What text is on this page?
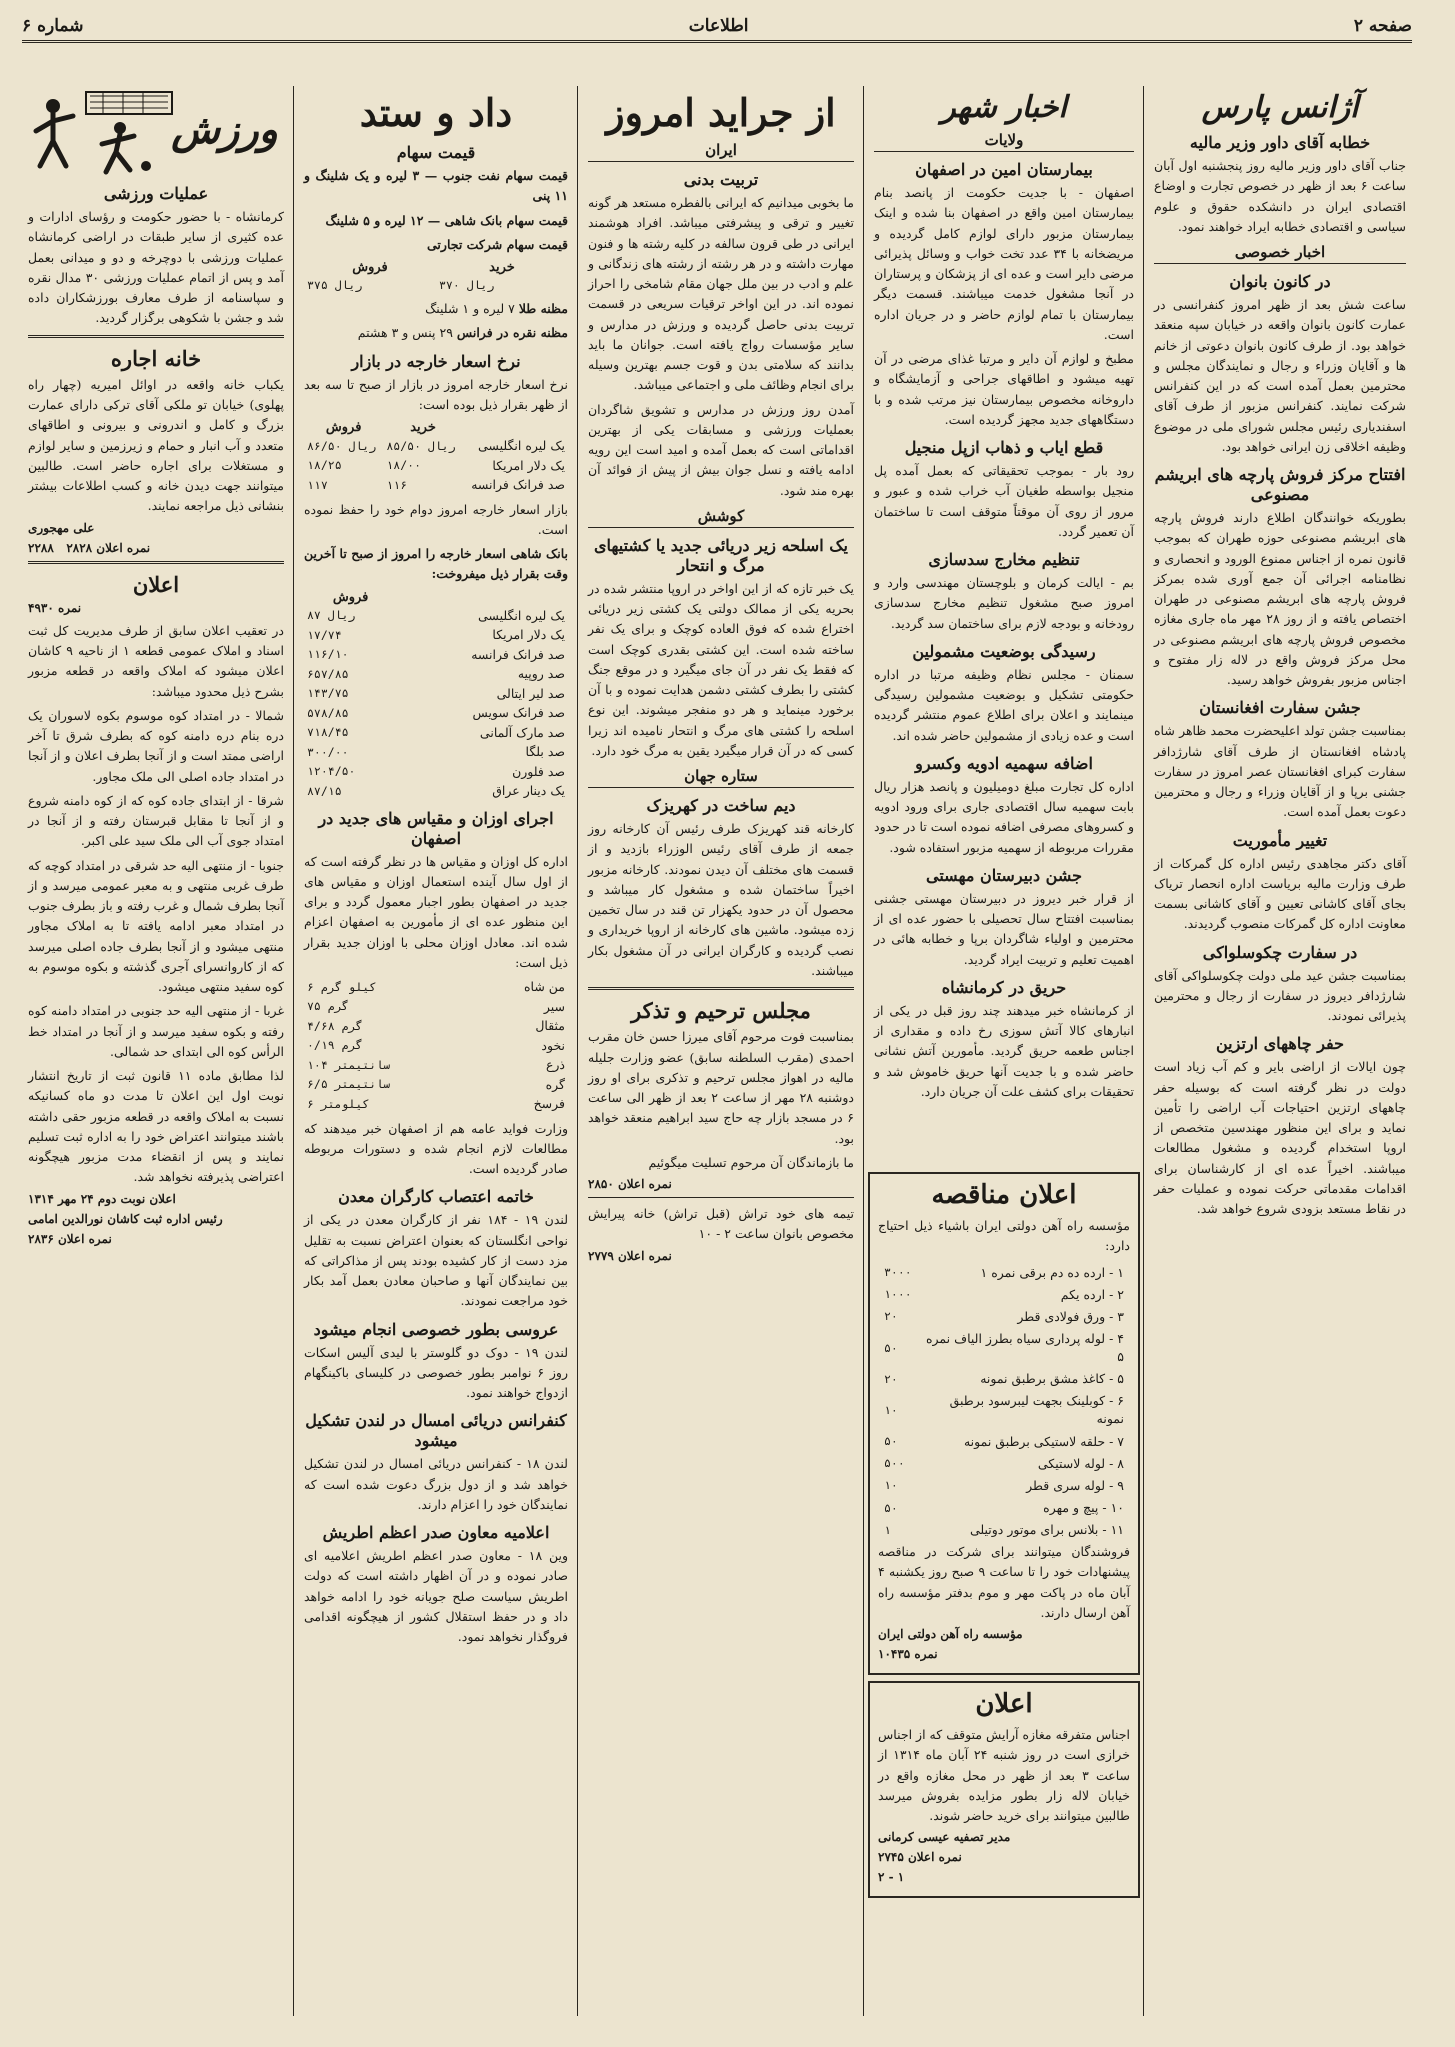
صفحه ۲
اطلاعات
شماره ۶
آژانس پارس
خطابه آقای داور وزیر مالیه

جناب آقای داور وزیر مالیه روز پنجشنبه اول آبان ساعت ۶ بعد از ظهر در خصوص تجارت و اوضاع اقتصادی ایران در دانشکده حقوق و علوم سیاسی و اقتصادی خطابه ایراد خواهند نمود.

اخبار خصوصی
در کانون بانوان

ساعت شش بعد از ظهر امروز کنفرانسی در عمارت کانون بانوان واقعه در خیابان سپه منعقد خواهد بود. از طرف کانون بانوان دعوتی از خانم ها و آقایان وزراء و رجال و نمایندگان مجلس و محترمین بعمل آمده است که در این کنفرانس شرکت نمایند. کنفرانس مزبور از طرف آقای اسفندیاری رئیس مجلس شورای ملی در موضوع وظیفه اخلاقی زن ایرانی خواهد بود.

افتتاح مرکز فروش پارچه های ابریشم مصنوعی

بطوریکه خوانندگان اطلاع دارند فروش پارچه های ابریشم مصنوعی حوزه طهران که بموجب قانون نمره از اجناس ممنوع الورود و انحصاری و نظامنامه اجرائی آن جمع آوری شده بمرکز فروش پارچه های ابریشم مصنوعی در طهران اختصاص یافته و از روز ۲۸ مهر ماه جاری مغازه مخصوص فروش پارچه های ابریشم مصنوعی در محل مرکز فروش واقع در لاله زار مفتوح و اجناس مزبور بفروش خواهد رسید.

جشن سفارت افغانستان

بمناسبت جشن تولد اعلیحضرت محمد ظاهر شاه پادشاه افغانستان از طرف آقای شارژدافر سفارت کبرای افغانستان عصر امروز در سفارت جشنی برپا و از آقایان وزراء و رجال و محترمین دعوت بعمل آمده است.

تغییر مأموریت

آقای دکتر مجاهدی رئیس اداره کل گمرکات از طرف وزارت مالیه بریاست اداره انحصار تریاک بجای آقای کاشانی تعیین و آقای کاشانی بسمت معاونت اداره کل گمرکات منصوب گردیدند.

در سفارت چکوسلواکی

بمناسبت جشن عید ملی دولت چکوسلواکی آقای شارژدافر دیروز در سفارت از رجال و محترمین پذیرائی نمودند.

حفر چاههای ارتزین

چون ایالات از اراضی بایر و کم آب زیاد است دولت در نظر گرفته است که بوسیله حفر چاههای ارتزین احتیاجات آب اراضی را تأمین نماید و برای این منظور مهندسین متخصص از اروپا استخدام گردیده و مشغول مطالعات میباشند. اخیراً عده ای از کارشناسان برای اقدامات مقدماتی حرکت نموده و عملیات حفر در نقاط مستعد بزودی شروع خواهد شد.

اخبار شهر
ولایات
بیمارستان امین در اصفهان

اصفهان - با جدیت حکومت از پانصد بنام بیمارستان امین واقع در اصفهان بنا شده و اینک بیمارستان مزبور دارای لوازم کامل گردیده و مریضخانه با ۳۴ عدد تخت خواب و وسائل پذیرائی مرضی دایر است و عده ای از پزشکان و پرستاران در آنجا مشغول خدمت میباشند. قسمت دیگر بیمارستان با تمام لوازم حاضر و در جریان اداره است.

مطبخ و لوازم آن دایر و مرتبا غذای مرضی در آن تهیه میشود و اطاقهای جراحی و آزمایشگاه و داروخانه مخصوص بیمارستان نیز مرتب شده و با دستگاههای جدید مجهز گردیده است.

قطع ایاب و ذهاب ازپل منجیل

رود بار - بموجب تحقیقاتی که بعمل آمده پل منجیل بواسطه طغیان آب خراب شده و عبور و مرور از روی آن موقتاً متوقف است تا ساختمان آن تعمیر گردد.

تنظیم مخارج سدسازی

بم - ایالت کرمان و بلوچستان مهندسی وارد و امروز صبح مشغول تنظیم مخارج سدسازی رودخانه و بودجه لازم برای ساختمان سد گردید.

رسیدگی بوضعیت مشمولین

سمنان - مجلس نظام وظیفه مرتبا در اداره حکومتی تشکیل و بوضعیت مشمولین رسیدگی مینمایند و اعلان برای اطلاع عموم منتشر گردیده است و عده زیادی از مشمولین حاضر شده اند.

اضافه سهمیه ادویه وکسرو

اداره کل تجارت مبلغ دومیلیون و پانصد هزار ریال بابت سهمیه سال اقتصادی جاری برای ورود ادویه و کسروهای مصرفی اضافه نموده است تا در حدود مقررات مربوطه از سهمیه مزبور استفاده شود.

جشن دبیرستان مهستی

از قرار خبر دیروز در دبیرستان مهستی جشنی بمناسبت افتتاح سال تحصیلی با حضور عده ای از محترمین و اولیاء شاگردان برپا و خطابه هائی در اهمیت تعلیم و تربیت ایراد گردید.

حریق در کرمانشاه

از کرمانشاه خبر میدهند چند روز قبل در یکی از انبارهای کالا آتش سوزی رخ داده و مقداری از اجناس طعمه حریق گردید. مأمورین آتش نشانی حاضر شده و با جدیت آنها حریق خاموش شد و تحقیقات برای کشف علت آن جریان دارد.

اعلان مناقصه

مؤسسه راه آهن دولتی ایران باشیاء ذیل احتیاج دارد:

۱ - ارده ده دم برقی نمره ۱	۳۰۰۰
۲ - ارده یکم	۱۰۰۰
۳ - ورق فولادی قطر	۲۰
۴ - لوله پرداری سیاه بطرز الیاف نمره ۵	۵۰
۵ - کاغذ مشق برطبق نمونه	۲۰
۶ - کوبلینک بجهت لیبرسود برطبق نمونه	۱۰
۷ - حلقه لاستیکی برطبق نمونه	۵۰
۸ - لوله لاستیکی	۵۰۰
۹ - لوله سری قطر	۱۰
۱۰ - پیچ و مهره	۵۰
۱۱ - بلانس برای موتور دوتیلی	۱

فروشندگان میتوانند برای شرکت در مناقصه پیشنهادات خود را تا ساعت ۹ صبح روز یکشنبه ۴ آبان ماه در پاکت مهر و موم بدفتر مؤسسه راه آهن ارسال دارند.

مؤسسه راه آهن دولتی ایران
نمره ۱۰۴۳۵
اعلان

اجناس متفرقه مغازه آرایش متوقف که از اجناس خرازی است در روز شنبه ۲۴ آبان ماه ۱۳۱۴ از ساعت ۳ بعد از ظهر در محل مغازه واقع در خیابان لاله زار بطور مزایده بفروش میرسد طالبین میتوانند برای خرید حاضر شوند.

مدیر تصفیه عیسی کرمانی
نمره اعلان ۲۷۴۵
۱ - ۲
از جراید امروز
ایران
تربیت بدنی

ما بخوبی میدانیم که ایرانی بالفطره مستعد هر گونه تغییر و ترقی و پیشرفتی میباشد. افراد هوشمند ایرانی در طی قرون سالفه در کلیه رشته ها و فنون مهارت داشته و در هر رشته از رشته های زندگانی و علم و ادب در بین ملل جهان مقام شامخی را احراز نموده اند. در این اواخر ترقیات سریعی در قسمت تربیت بدنی حاصل گردیده و ورزش در مدارس و سایر مؤسسات رواج یافته است. جوانان ما باید بدانند که سلامتی بدن و قوت جسم بهترین وسیله برای انجام وظائف ملی و اجتماعی میباشد.

آمدن روز ورزش در مدارس و تشویق شاگردان بعملیات ورزشی و مسابقات یکی از بهترین اقداماتی است که بعمل آمده و امید است این رویه ادامه یافته و نسل جوان بیش از پیش از فوائد آن بهره مند شود.

کوشش
یک اسلحه زیر دریائی جدید یا کشتیهای مرگ و انتحار

یک خبر تازه که از این اواخر در اروپا منتشر شده در بحریه یکی از ممالک دولتی یک کشتی زیر دریائی اختراع شده که فوق العاده کوچک و برای یک نفر ساخته شده است. این کشتی بقدری کوچک است که فقط یک نفر در آن جای میگیرد و در موقع جنگ کشتی را بطرف کشتی دشمن هدایت نموده و با آن برخورد مینماید و هر دو منفجر میشوند. این نوع اسلحه را کشتی های مرگ و انتحار نامیده اند زیرا کسی که در آن قرار میگیرد یقین به مرگ خود دارد.

ستاره جهان
دیم ساخت در کهریزک

کارخانه قند کهریزک طرف رئیس آن کارخانه روز جمعه از طرف آقای رئیس الوزراء بازدید و از قسمت های مختلف آن دیدن نمودند. کارخانه مزبور اخیراً ساختمان شده و مشغول کار میباشد و محصول آن در حدود یکهزار تن قند در سال تخمین زده میشود. ماشین های کارخانه از اروپا خریداری و نصب گردیده و کارگران ایرانی در آن مشغول بکار میباشند.

مجلس ترحیم و تذکر

بمناسبت فوت مرحوم آقای میرزا حسن خان مقرب احمدی (مقرب السلطنه سابق) عضو وزارت جلیله مالیه در اهواز مجلس ترحیم و تذکری برای او روز دوشنبه ۲۸ مهر از ساعت ۲ بعد از ظهر الی ساعت ۶ در مسجد بازار چه حاج سید ابراهیم منعقد خواهد بود.

ما بازماندگان آن مرحوم تسلیت میگوئیم

نمره اعلان ۲۸۵۰

تیمه های خود تراش (قبل تراش) خانه پیرایش مخصوص بانوان ساعت ۲ - ۱۰

نمره اعلان ۲۷۷۹
داد و ستد
قیمت سهام
قیمت سهام نفت جنوب — ۳ لیره و یک شلینگ و ۱۱ پنی
قیمت سهام بانک شاهی — ۱۲ لیره و ۵ شلینگ
قیمت سهام شرکت تجارتی
خرید	فروش
۳۷۰ ریال	۳۷۵ ریال
مظنه طلا ۷ لیره و ۱ شلینگ
مظنه نقره در فرانس ۲۹ پنس و ۳ هشتم
نرخ اسعار خارجه در بازار

نرخ اسعار خارجه امروز در بازار از صبح تا سه بعد از ظهر بقرار ذیل بوده است:

	خرید	فروش
یک لیره انگلیسی	۸۵/۵۰ ریال	۸۶/۵۰ ریال
یک دلار امریکا	۱۸/۰۰	۱۸/۲۵
صد فرانک فرانسه	۱۱۶	۱۱۷

بازار اسعار خارجه امروز دوام خود را حفظ نموده است.

بانک شاهی اسعار خارجه را امروز از صبح تا آخرین وقت بقرار ذیل میفروخت:

	فروش
یک لیره انگلیسی	۸۷ ریال
یک دلار امریکا	۱۷/۷۴
صد فرانک فرانسه	۱۱۶/۱۰
صد روپیه	۶۵۷/۸۵
صد لیر ایتالی	۱۴۳/۷۵
صد فرانک سویس	۵۷۸/۸۵
صد مارک آلمانی	۷۱۸/۴۵
صد بلگا	۳۰۰/۰۰
صد فلورن	۱۲۰۴/۵۰
یک دینار عراق	۸۷/۱۵
اجرای اوزان و مقیاس های جدید در اصفهان

اداره کل اوزان و مقیاس ها در نظر گرفته است که از اول سال آینده استعمال اوزان و مقیاس های جدید در اصفهان بطور اجبار معمول گردد و برای این منظور عده ای از مأمورین به اصفهان اعزام شده اند. معادل اوزان محلی با اوزان جدید بقرار ذیل است:

من شاه	۶ کیلو گرم
سیر	۷۵ گرم
مثقال	۴/۶۸ گرم
نخود	۰/۱۹ گرم
ذرع	۱۰۴ سانتیمتر
گره	۶/۵ سانتیمتر
فرسخ	۶ کیلومتر

وزارت فواید عامه هم از اصفهان خبر میدهند که مطالعات لازم انجام شده و دستورات مربوطه صادر گردیده است.

خاتمه اعتصاب کارگران معدن

لندن ۱۹ - ۱۸۴ نفر از کارگران معدن در یکی از نواحی انگلستان که بعنوان اعتراض نسبت به تقلیل مزد دست از کار کشیده بودند پس از مذاکراتی که بین نمایندگان آنها و صاحبان معادن بعمل آمد بکار خود مراجعت نمودند.

عروسی بطور خصوصی انجام میشود

لندن ۱۹ - دوک دو گلوستر با لیدی آلیس اسکات روز ۶ نوامبر بطور خصوصی در کلیسای باکینگهام ازدواج خواهند نمود.

کنفرانس دریائی امسال در لندن تشکیل میشود

لندن ۱۸ - کنفرانس دریائی امسال در لندن تشکیل خواهد شد و از دول بزرگ دعوت شده است که نمایندگان خود را اعزام دارند.

اعلامیه معاون صدر اعظم اطریش

وین ۱۸ - معاون صدر اعظم اطریش اعلامیه ای صادر نموده و در آن اظهار داشته است که دولت اطریش سیاست صلح جویانه خود را ادامه خواهد داد و در حفظ استقلال کشور از هیچگونه اقدامی فروگذار نخواهد نمود.

ورزش
عملیات ورزشی

کرمانشاه - با حضور حکومت و رؤسای ادارات و عده کثیری از سایر طبقات در اراضی کرمانشاه عملیات ورزشی با دوچرخه و دو و میدانی بعمل آمد و پس از اتمام عملیات ورزشی ۳۰ مدال نقره و سپاسنامه از طرف معارف بورزشکاران داده شد و جشن با شکوهی برگزار گردید.

خانه اجاره

یکباب خانه واقعه در اوائل امیریه (چهار راه پهلوی) خیابان تو ملکی آقای ترکی دارای عمارت بزرگ و کامل و اندرونی و بیرونی و اطاقهای متعدد و آب انبار و حمام و زیرزمین و سایر لوازم و مستغلات برای اجاره حاضر است. طالبین میتوانند جهت دیدن خانه و کسب اطلاعات بیشتر بنشانی ذیل مراجعه نمایند.

علی مهجوری
نمره اعلان ۲۸۲۸   ۲۲۸۸
اعلان
نمره ۴۹۳۰

در تعقیب اعلان سابق از طرف مدیریت کل ثبت اسناد و املاک عمومی قطعه ۱ از ناحیه ۹ کاشان اعلان میشود که املاک واقعه در قطعه مزبور بشرح ذیل محدود میباشد:

شمالا - در امتداد کوه موسوم بکوه لاسوران یک دره بنام دره دامنه کوه که بطرف شرق تا آخر اراضی ممتد است و از آنجا بطرف اعلان و از آنجا در امتداد جاده اصلی الی ملک مجاور.

شرقا - از ابتدای جاده کوه که از کوه دامنه شروع و از آنجا تا مقابل قبرستان رفته و از آنجا در امتداد جوی آب الی ملک سید علی اکبر.

جنوبا - از منتهی الیه حد شرقی در امتداد کوچه که طرف غربی منتهی و به معبر عمومی میرسد و از آنجا بطرف شمال و غرب رفته و باز بطرف جنوب در امتداد معبر ادامه یافته تا به املاک مجاور منتهی میشود و از آنجا بطرف جاده اصلی میرسد که از کاروانسرای آجری گذشته و بکوه موسوم به کوه سفید منتهی میشود.

غربا - از منتهی الیه حد جنوبی در امتداد دامنه کوه رفته و بکوه سفید میرسد و از آنجا در امتداد خط الرأس کوه الی ابتدای حد شمالی.

لذا مطابق ماده ۱۱ قانون ثبت از تاریخ انتشار نوبت اول این اعلان تا مدت دو ماه کسانیکه نسبت به املاک واقعه در قطعه مزبور حقی داشته باشند میتوانند اعتراض خود را به اداره ثبت تسلیم نمایند و پس از انقضاء مدت مزبور هیچگونه اعتراضی پذیرفته نخواهد شد.

اعلان نوبت دوم ۲۴ مهر ۱۳۱۴
رئیس اداره ثبت کاشان نورالدین امامی
نمره اعلان ۲۸۳۶
